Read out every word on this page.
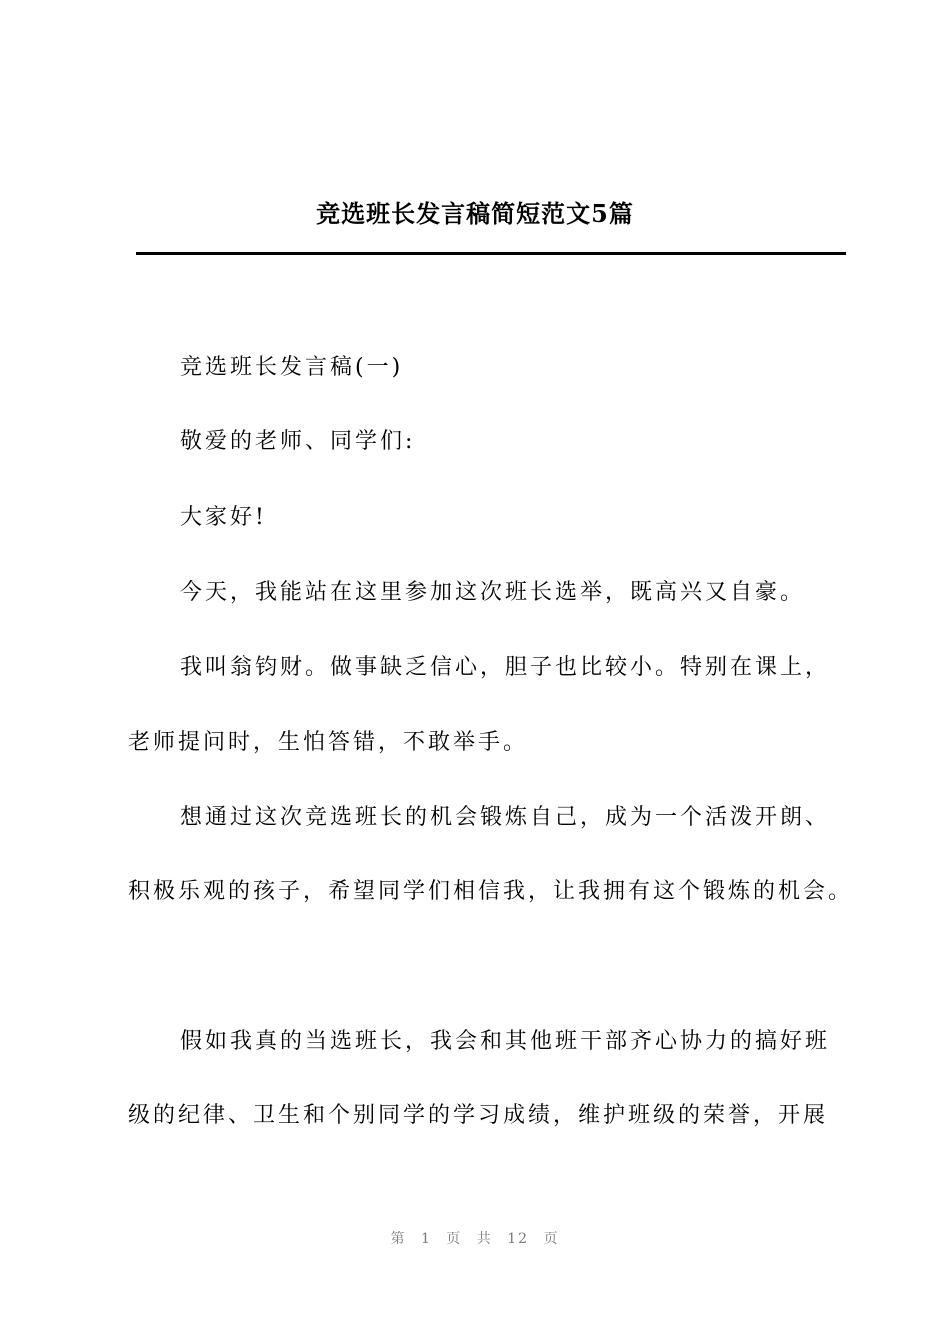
竞选班长发言稿简短范文5篇
竞选班长发言稿(一)
敬爱的老师、同学们:
大家好!
今天，我能站在这里参加这次班长选举，既高兴又自豪。
我叫翁钧财。做事缺乏信心，胆子也比较小。特别在课上，
老师提问时，生怕答错，不敢举手。
想通过这次竞选班长的机会锻炼自己，成为一个活泼开朗、
积极乐观的孩子，希望同学们相信我，让我拥有这个锻炼的机会。
假如我真的当选班长，我会和其他班干部齐心协力的搞好班
级的纪律、卫生和个别同学的学习成绩，维护班级的荣誉，开展
第 1 页 共 12 页
